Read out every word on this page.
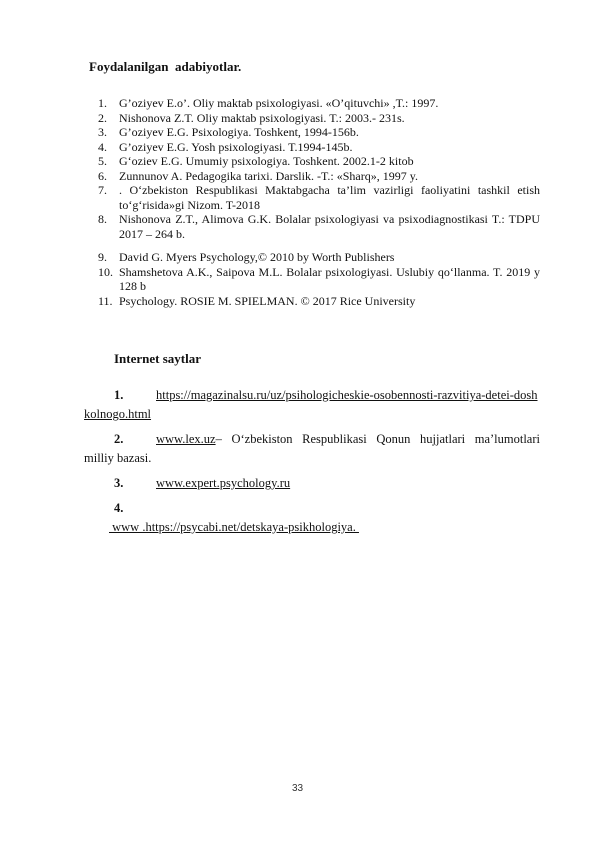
Foydalanilgan  adabiyotlar.
1. G’oziyev E.o’. Oliy maktab psixologiyasi. «O’qituvchi» ,T.: 1997.
2. Nishonova Z.T. Oliy maktab psixologiyasi. T.: 2003.- 231s.
3. G’oziyev E.G. Psixologiya. Toshkent, 1994-156b.
4. G’oziyev E.G. Yosh psixologiyasi. T.1994-145b.
5. G‘oziev E.G. Umumiy psixologiya. Toshkent. 2002.1-2 kitob
6. Zunnunov A. Pedagogika tarixi. Darslik. -T.: «Sharq», 1997 y.
7. . O‘zbekiston Respublikasi Maktabgacha ta’lim vazirligi faoliyatini tashkil etish to‘g‘risida»gi Nizom. T-2018
8. Nishonova Z.T., Alimova G.K. Bolalar psixologiyasi va psixodiagnostikasi T.: TDPU 2017 – 264 b.
9. David G. Myers Psychology,© 2010 by Worth Publishers
10. Shamshetova A.K., Saipova M.L. Bolalar psixologiyasi. Uslubiy qo‘llanma. T. 2019 y 128 b
11. Psychology. ROSIE M. SPIELMAN. © 2017 Rice University
Internet saytlar
1.	https://magazinalsu.ru/uz/psihologicheskie-osobennosti-razvitiya-detei-doshkolnogo.html
2.	www.lex.uz– O‘zbekiston Respublikasi Qonun hujjatlari ma’lumotlari milliy bazasi.
3.	www.expert.psychology.ru
4.

www .https://psycabi.net/detskaya-psikhologiya.

33
